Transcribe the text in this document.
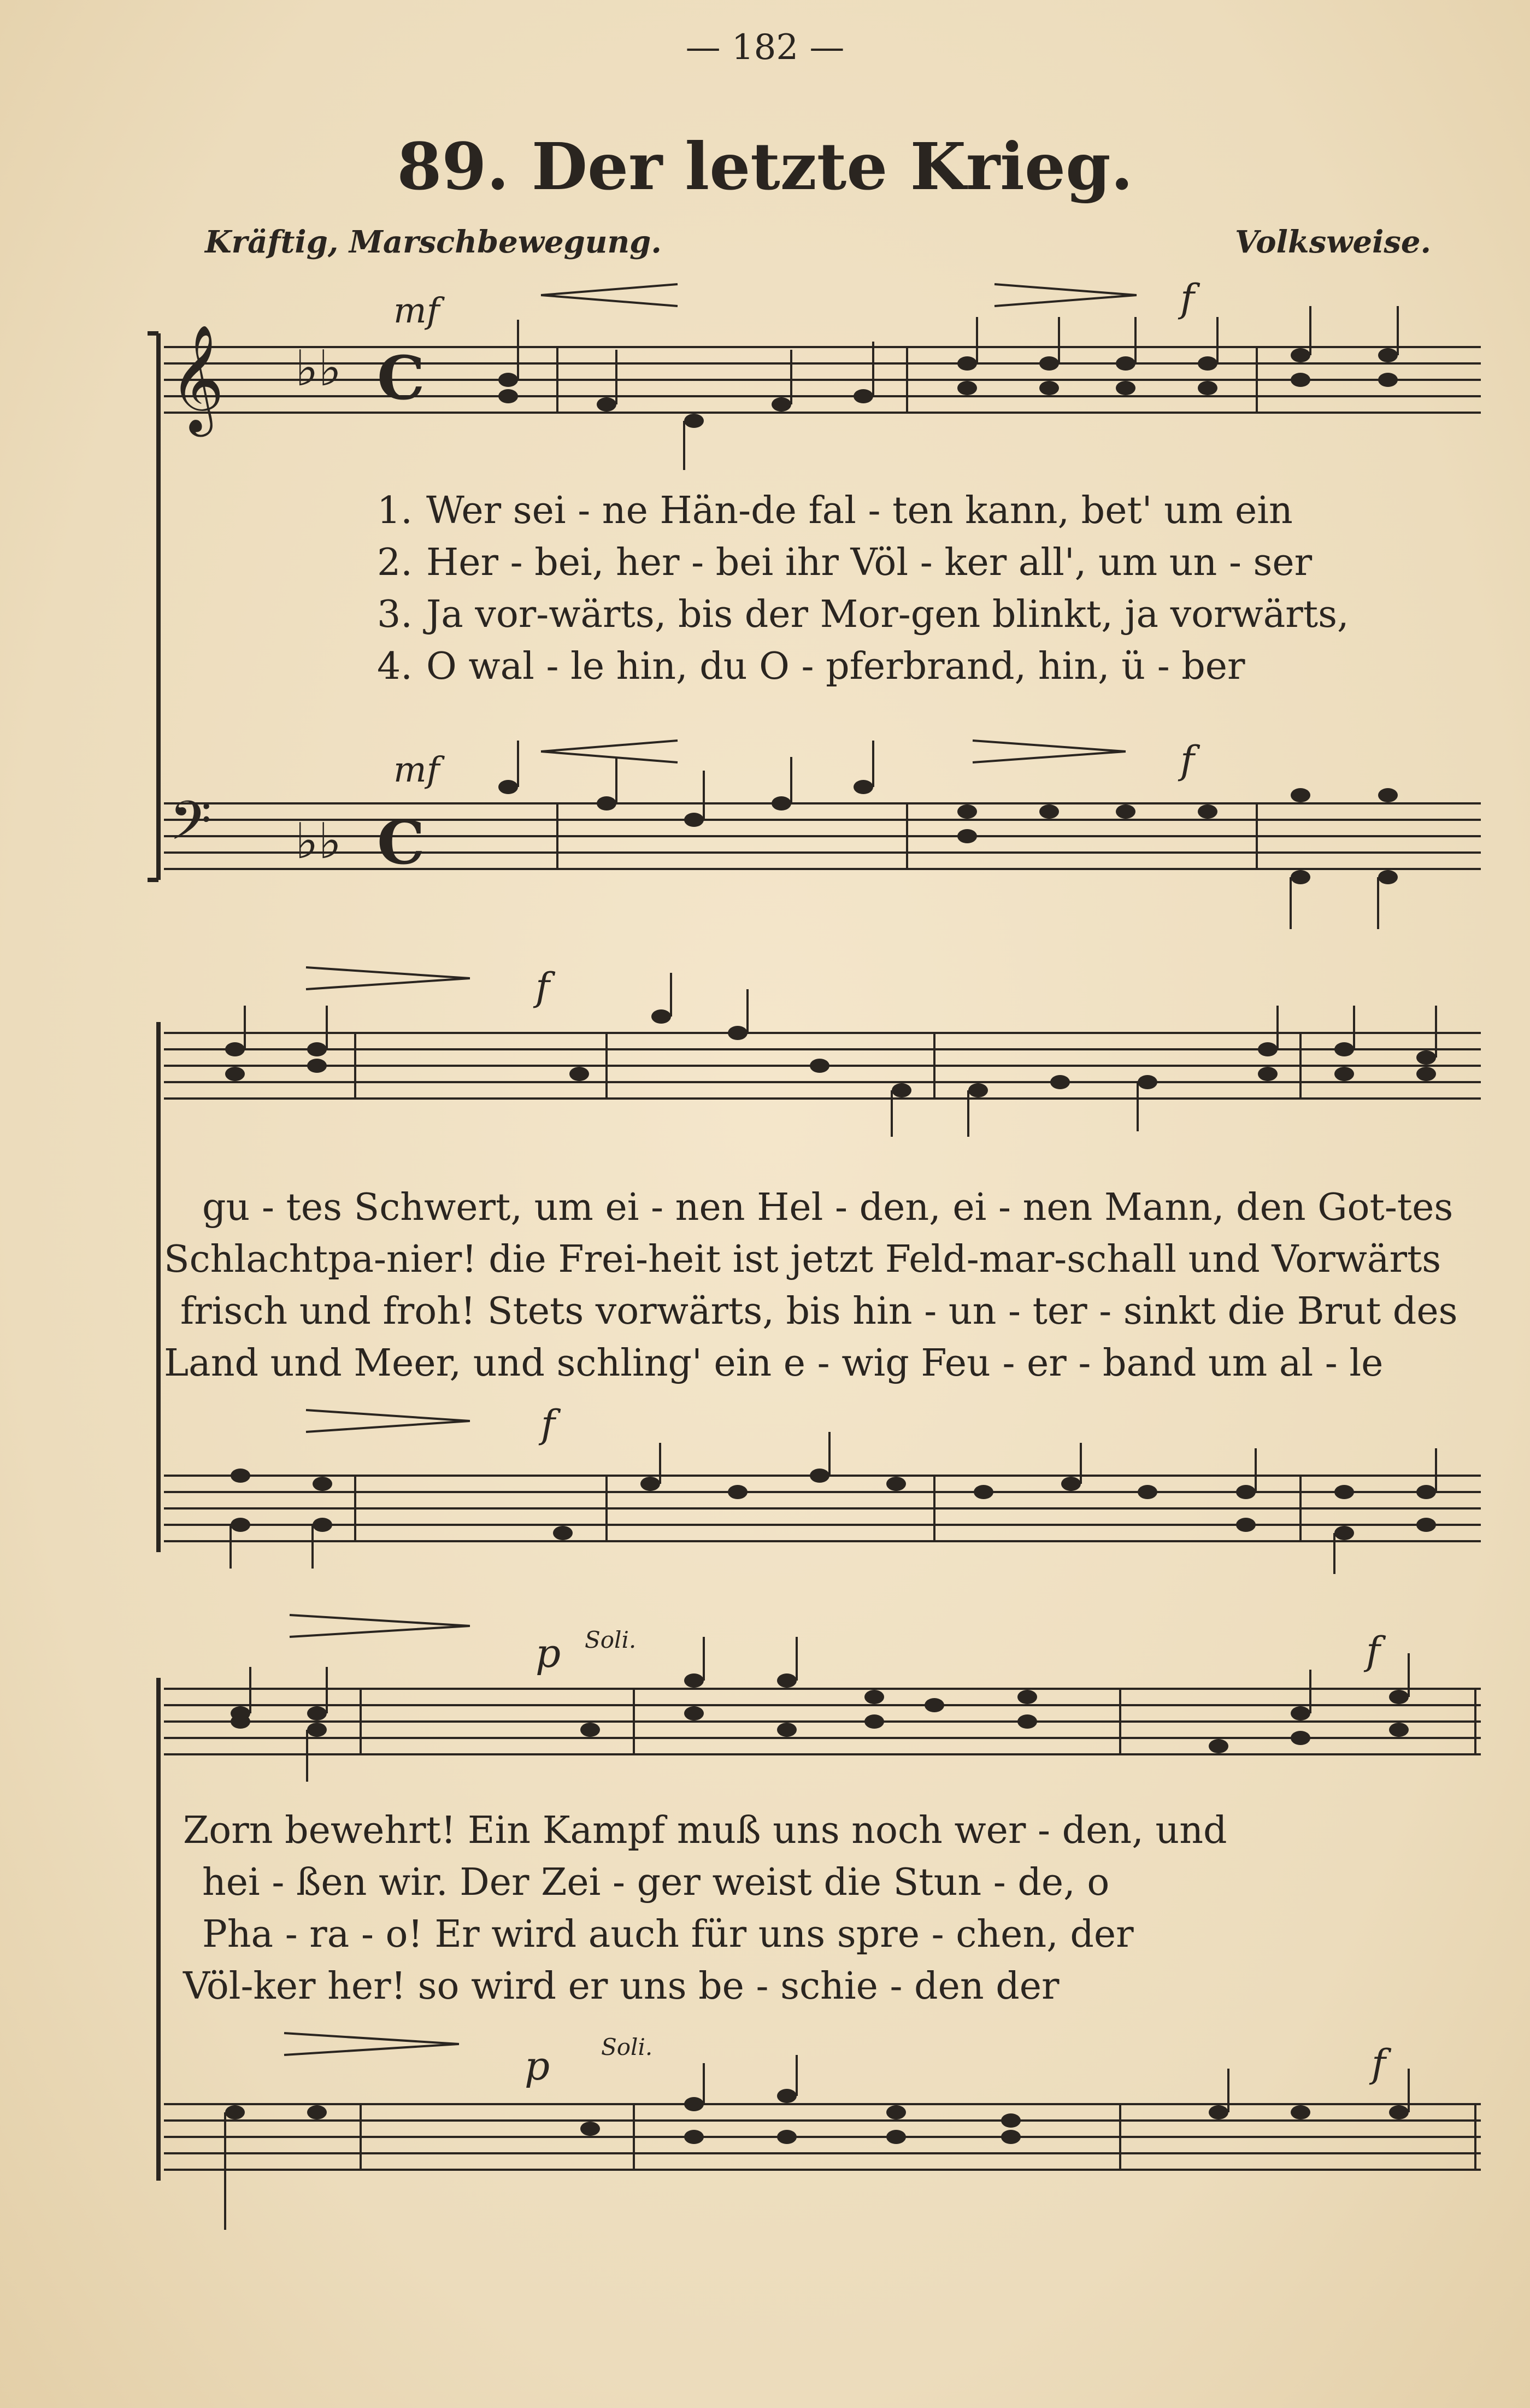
— 182 —
89. Der letzte Krieg.
Kräftig, Marschbewegung.	Volksweise.
𝄞
𝄢
♭♭
♭♭
C
C
mf
mf
f
f
f
f
p Soli.	f
p Soli.	f
1. Wer sei - ne Hän-de fal - ten kann, bet' um ein
2. Her - bei, her - bei ihr Völ - ker all', um un - ser
3. Ja vor-wärts, bis der Mor-gen blinkt, ja vorwärts,
4. O wal - le hin, du O - pferbrand, hin, ü - ber
gu - tes Schwert, um ei - nen Hel - den, ei - nen Mann, den Got-tes
Schlachtpa-nier! die Frei-heit ist jetzt Feld-mar-schall und Vorwärts
frisch und froh! Stets vorwärts, bis hin - un - ter - sinkt die Brut des
Land und Meer, und schling' ein e - wig Feu - er - band um al - le
Zorn bewehrt! Ein Kampf muß uns noch wer - den, und
hei - ßen wir. Der Zei - ger weist die Stun - de, o
Pha - ra - o! Er wird auch für uns spre - chen, der
Völ-ker her! so wird er uns be - schie - den der
